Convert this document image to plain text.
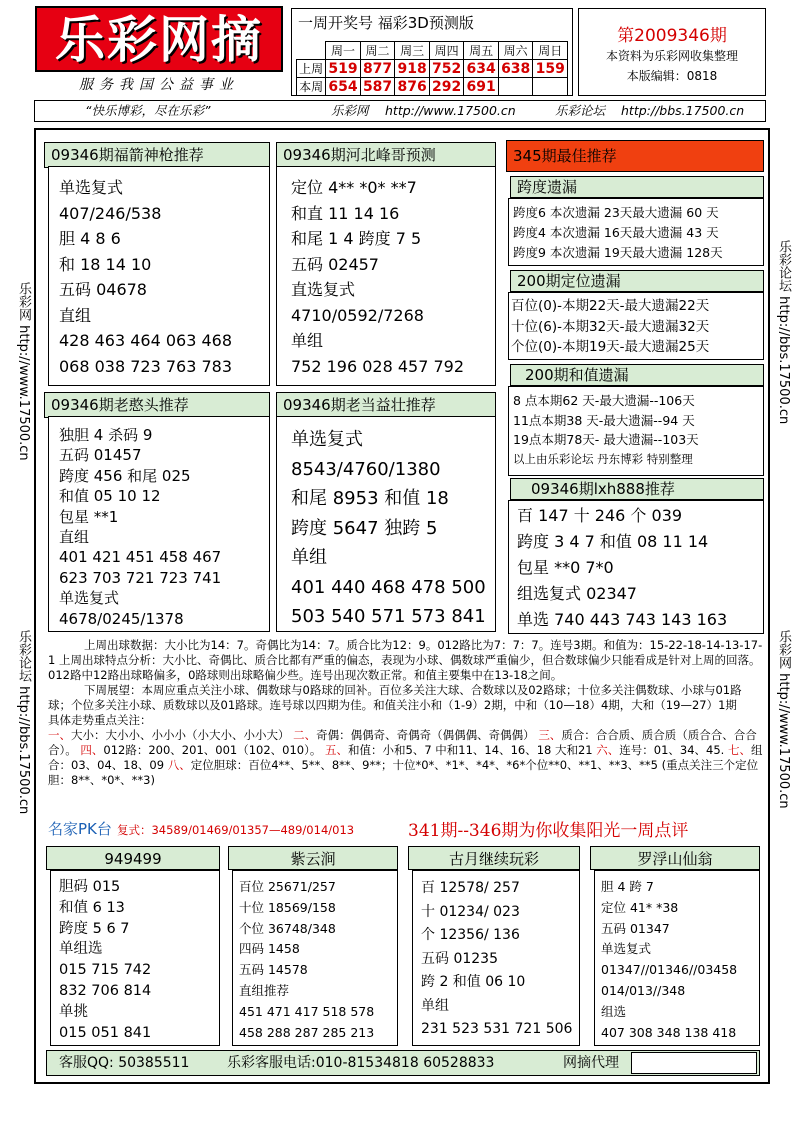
乐彩网摘
服务我国公益事业
一周开奖号 福彩3D预测版
	周一	周二	周三	周四	周五	周六	周日
上周	519	877	918	752	634	638	159
本周	654	587	876	292	691		
第2009346期
本资料为乐彩网收集整理
本版编辑：0818
“快乐博彩，尽在乐彩”	乐彩网 http://www.17500.cn	乐彩论坛 http://bbs.17500.cn
乐彩网 http://www.17500.cn
乐彩论坛 http://bbs.17500.cn
乐彩论坛 http://bbs.17500.cn
乐彩网 http://www.17500.cn
09346期福箭神枪推荐
单选复式
407/246/538
胆 4 8 6
和 18 14 10
五码 04678
直组
428 463 464 063 468
068 038 723 763 783
09346期河北峰哥预测
定位 4** *0* **7
和直 11 14 16
和尾 1 4 跨度 7 5
五码 02457
直选复式
4710/0592/7268
单组
752 196 028 457 792
09346期老憨头推荐
独胆 4 杀码 9
五码 01457
跨度 456 和尾 025
和值 05 10 12
包星 **1
直组
401 421 451 458 467
623 703 721 723 741
单选复式
4678/0245/1378
09346期老当益壮推荐
单选复式
8543/4760/1380
和尾 8953 和值 18
跨度 5647 独跨 5
单组
401 440 468 478 500
503 540 571 573 841
345期最佳推荐
跨度遗漏
跨度6 本次遗漏 23天最大遗漏 60 天
跨度4 本次遗漏 16天最大遗漏 43 天
跨度9 本次遗漏 19天最大遗漏 128天
200期定位遗漏
百位(0)-本期22天-最大遗漏22天
十位(6)-本期32天-最大遗漏32天
个位(0)-本期19天-最大遗漏25天
200期和值遗漏
8 点本期62 天-最大遗漏--106天
11点本期38 天-最大遗漏--94 天
19点本期78天- 最大遗漏--103天
以上由乐彩论坛 丹东博彩 特别整理
09346期lxh888推荐
百 147 十 246 个 039
跨度 3 4 7 和值 08 11 14
包星 **0 7*0
组选复式 02347
单选 740 443 743 143 163
上周出球数据：大小比为14：7。奇偶比为14：7。质合比为12：9。012路比为7：7：7。连号3期。和值为：15-22-18-14-13-17-1 上周出球特点分析：大小比、奇偶比、质合比都有严重的偏态，表现为小球、偶数球严重偏少，但合数球偏少只能看成是针对上周的回落。012路中12路出球略偏多，0路球则出球略偏少些。连号出现次数正常。和值主要集中在13-18之间。
下周展望：本周应重点关注小球、偶数球与0路球的回补。百位多关注大球、合数球以及02路球；十位多关注偶数球、小球与01路球；个位多关注小球、质数球以及01路球。连号球以四期为佳。和值关注小和（1-9）2期，中和（10—18）4期，大和（19—27）1期
具体走势重点关注：
一、大小：大小小、小小小（小大小、小小大） 二、奇偶：偶偶奇、奇偶奇（偶偶偶、奇偶偶） 三、质合：合合质、质合质（质合合、合合合）。 四、012路：200、201、001（102、010）。 五、和值：小和5、7 中和11、14、16、18 大和21 六、连号：01、34、45. 七、组合：03、04、18、09 八、定位胆球：百位4**、5**、8**、9**；十位*0*、*1*、*4*、*6*个位**0、**1、**3、**5 (重点关注三个定位胆：8**、*0*、**3)
名家PK台 复式：34589/01469/01357—489/014/013	341期--346期为你收集阳光一周点评
949499
胆码 015
和值 6 13
跨度 5 6 7
单组选
015 715 742
832 706 814
单挑
015 051 841
紫云涧
百位 25671/257
十位 18569/158
个位 36748/348
四码 1458
五码 14578
直组推荐
451 471 417 518 578
458 288 287 285 213
古月继续玩彩
百 12578/ 257
十 01234/ 023
个 12356/ 136
五码 01235
跨 2 和值 06 10
单组
231 523 531 721 506
罗浮山仙翁
胆 4 跨 7
定位 41* *38
五码 01347
单选复式
01347//01346//03458
014/013//348
组选
407 308 348 138 418
客服QQ: 50385511	乐彩客服电话:010-81534818 60528833	网摘代理
